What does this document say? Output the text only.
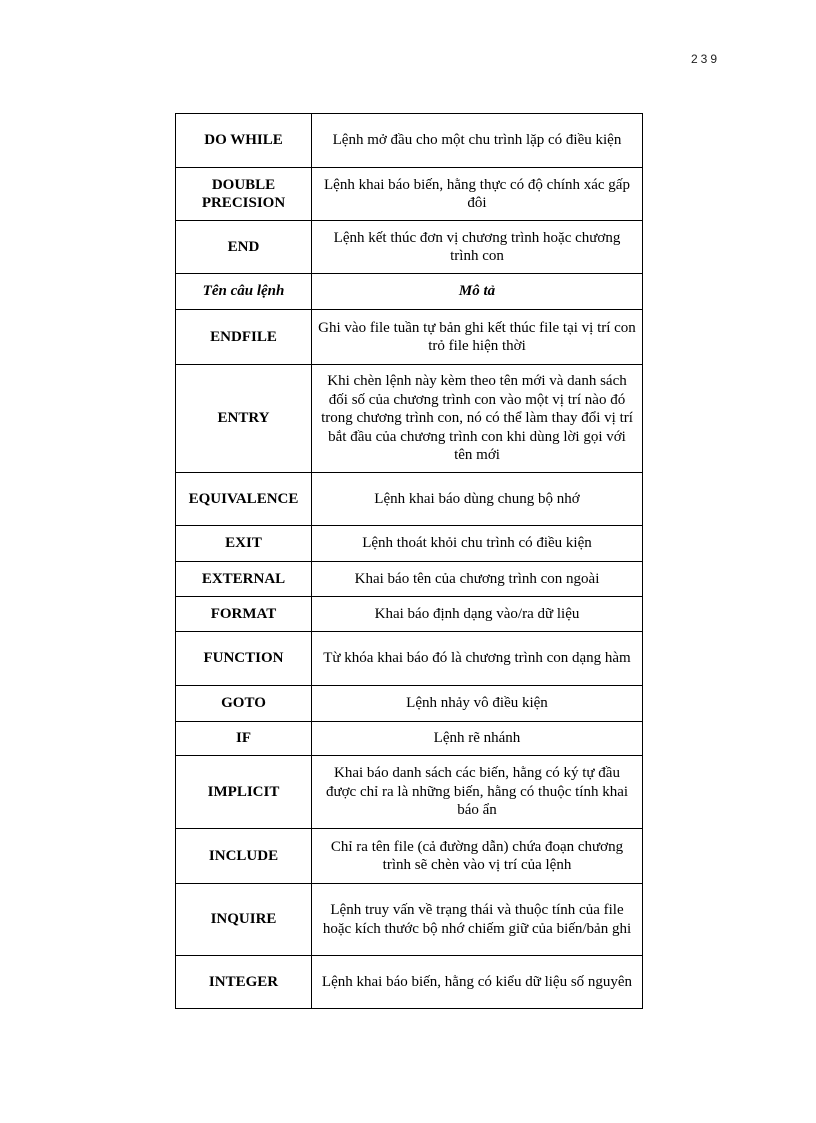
239
DO WHILE	Lệnh mở đầu cho một chu trình lặp có điều kiện
DOUBLE PRECISION	Lệnh khai báo biến, hằng thực có độ chính xác gấp đôi
END	Lệnh kết thúc đơn vị chương trình hoặc chương trình con
Tên câu lệnh	Mô tả
ENDFILE	Ghi vào file tuần tự bản ghi kết thúc file tại vị trí con trỏ file hiện thời
ENTRY	Khi chèn lệnh này kèm theo tên mới và danh sách đối số của chương trình con vào một vị trí nào đó trong chương trình con, nó có thể làm thay đổi vị trí bắt đầu của chương trình con khi dùng lời gọi với tên mới
EQUIVALENCE	Lệnh khai báo dùng chung bộ nhớ
EXIT	Lệnh thoát khỏi chu trình có điều kiện
EXTERNAL	Khai báo tên của chương trình con ngoài
FORMAT	Khai báo định dạng vào/ra dữ liệu
FUNCTION	Từ khóa khai báo đó là chương trình con dạng hàm
GOTO	Lệnh nhảy vô điều kiện
IF	Lệnh rẽ nhánh
IMPLICIT	Khai báo danh sách các biến, hằng có ký tự đầu được chỉ ra là những biến, hằng có thuộc tính khai báo ẩn
INCLUDE	Chỉ ra tên file (cả đường dẫn) chứa đoạn chương trình sẽ chèn vào vị trí của lệnh
INQUIRE	Lệnh truy vấn về trạng thái và thuộc tính của file hoặc kích thước bộ nhớ chiếm giữ của biến/bản ghi
INTEGER	Lệnh khai báo biến, hằng có kiểu dữ liệu số nguyên
